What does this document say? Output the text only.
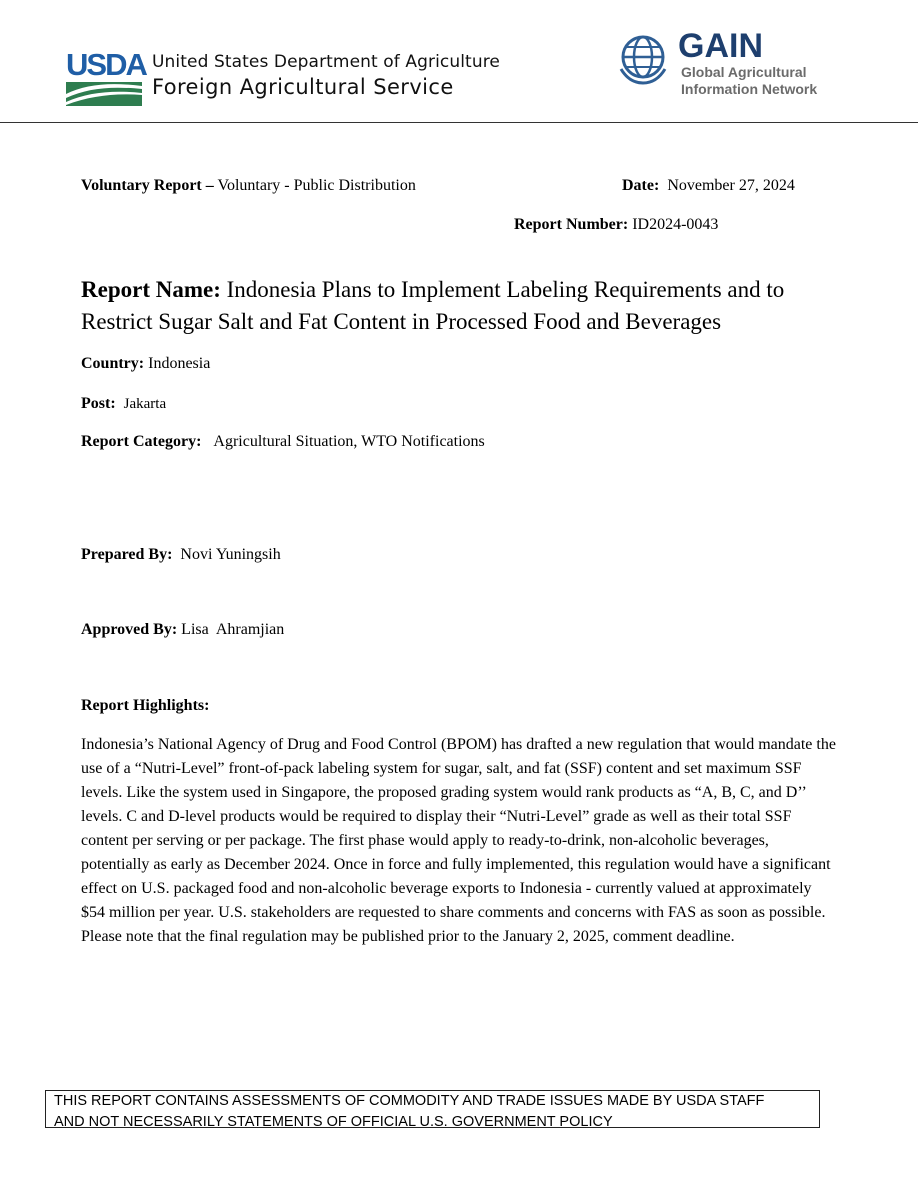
USDA United States Department of Agriculture
Foreign Agricultural Service
GAIN
Global Agricultural
Information Network
Voluntary Report – Voluntary - Public Distribution	Date: November 27, 2024
Report Number: ID2024-0043
Report Name: Indonesia Plans to Implement Labeling Requirements and to Restrict Sugar Salt and Fat Content in Processed Food and Beverages
Country: Indonesia
Post: Jakarta
Report Category: Agricultural Situation, WTO Notifications
Prepared By: Novi Yuningsih
Approved By: Lisa  Ahramjian
Report Highlights:
Indonesia’s National Agency of Drug and Food Control (BPOM) has drafted a new regulation that would mandate the use of a “Nutri-Level” front-of-pack labeling system for sugar, salt, and fat (SSF) content and set maximum SSF levels. Like the system used in Singapore, the proposed grading system would rank products as “A, B, C, and D’’ levels. C and D-level products would be required to display their “Nutri-Level” grade as well as their total SSF content per serving or per package. The first phase would apply to ready-to-drink, non-alcoholic beverages, potentially as early as December 2024. Once in force and fully implemented, this regulation would have a significant effect on U.S. packaged food and non-alcoholic beverage exports to Indonesia - currently valued at approximately $54 million per year. U.S. stakeholders are requested to share comments and concerns with FAS as soon as possible. Please note that the final regulation may be published prior to the January 2, 2025, comment deadline.
THIS REPORT CONTAINS ASSESSMENTS OF COMMODITY AND TRADE ISSUES MADE BY USDA STAFF
AND NOT NECESSARILY STATEMENTS OF OFFICIAL U.S. GOVERNMENT POLICY
